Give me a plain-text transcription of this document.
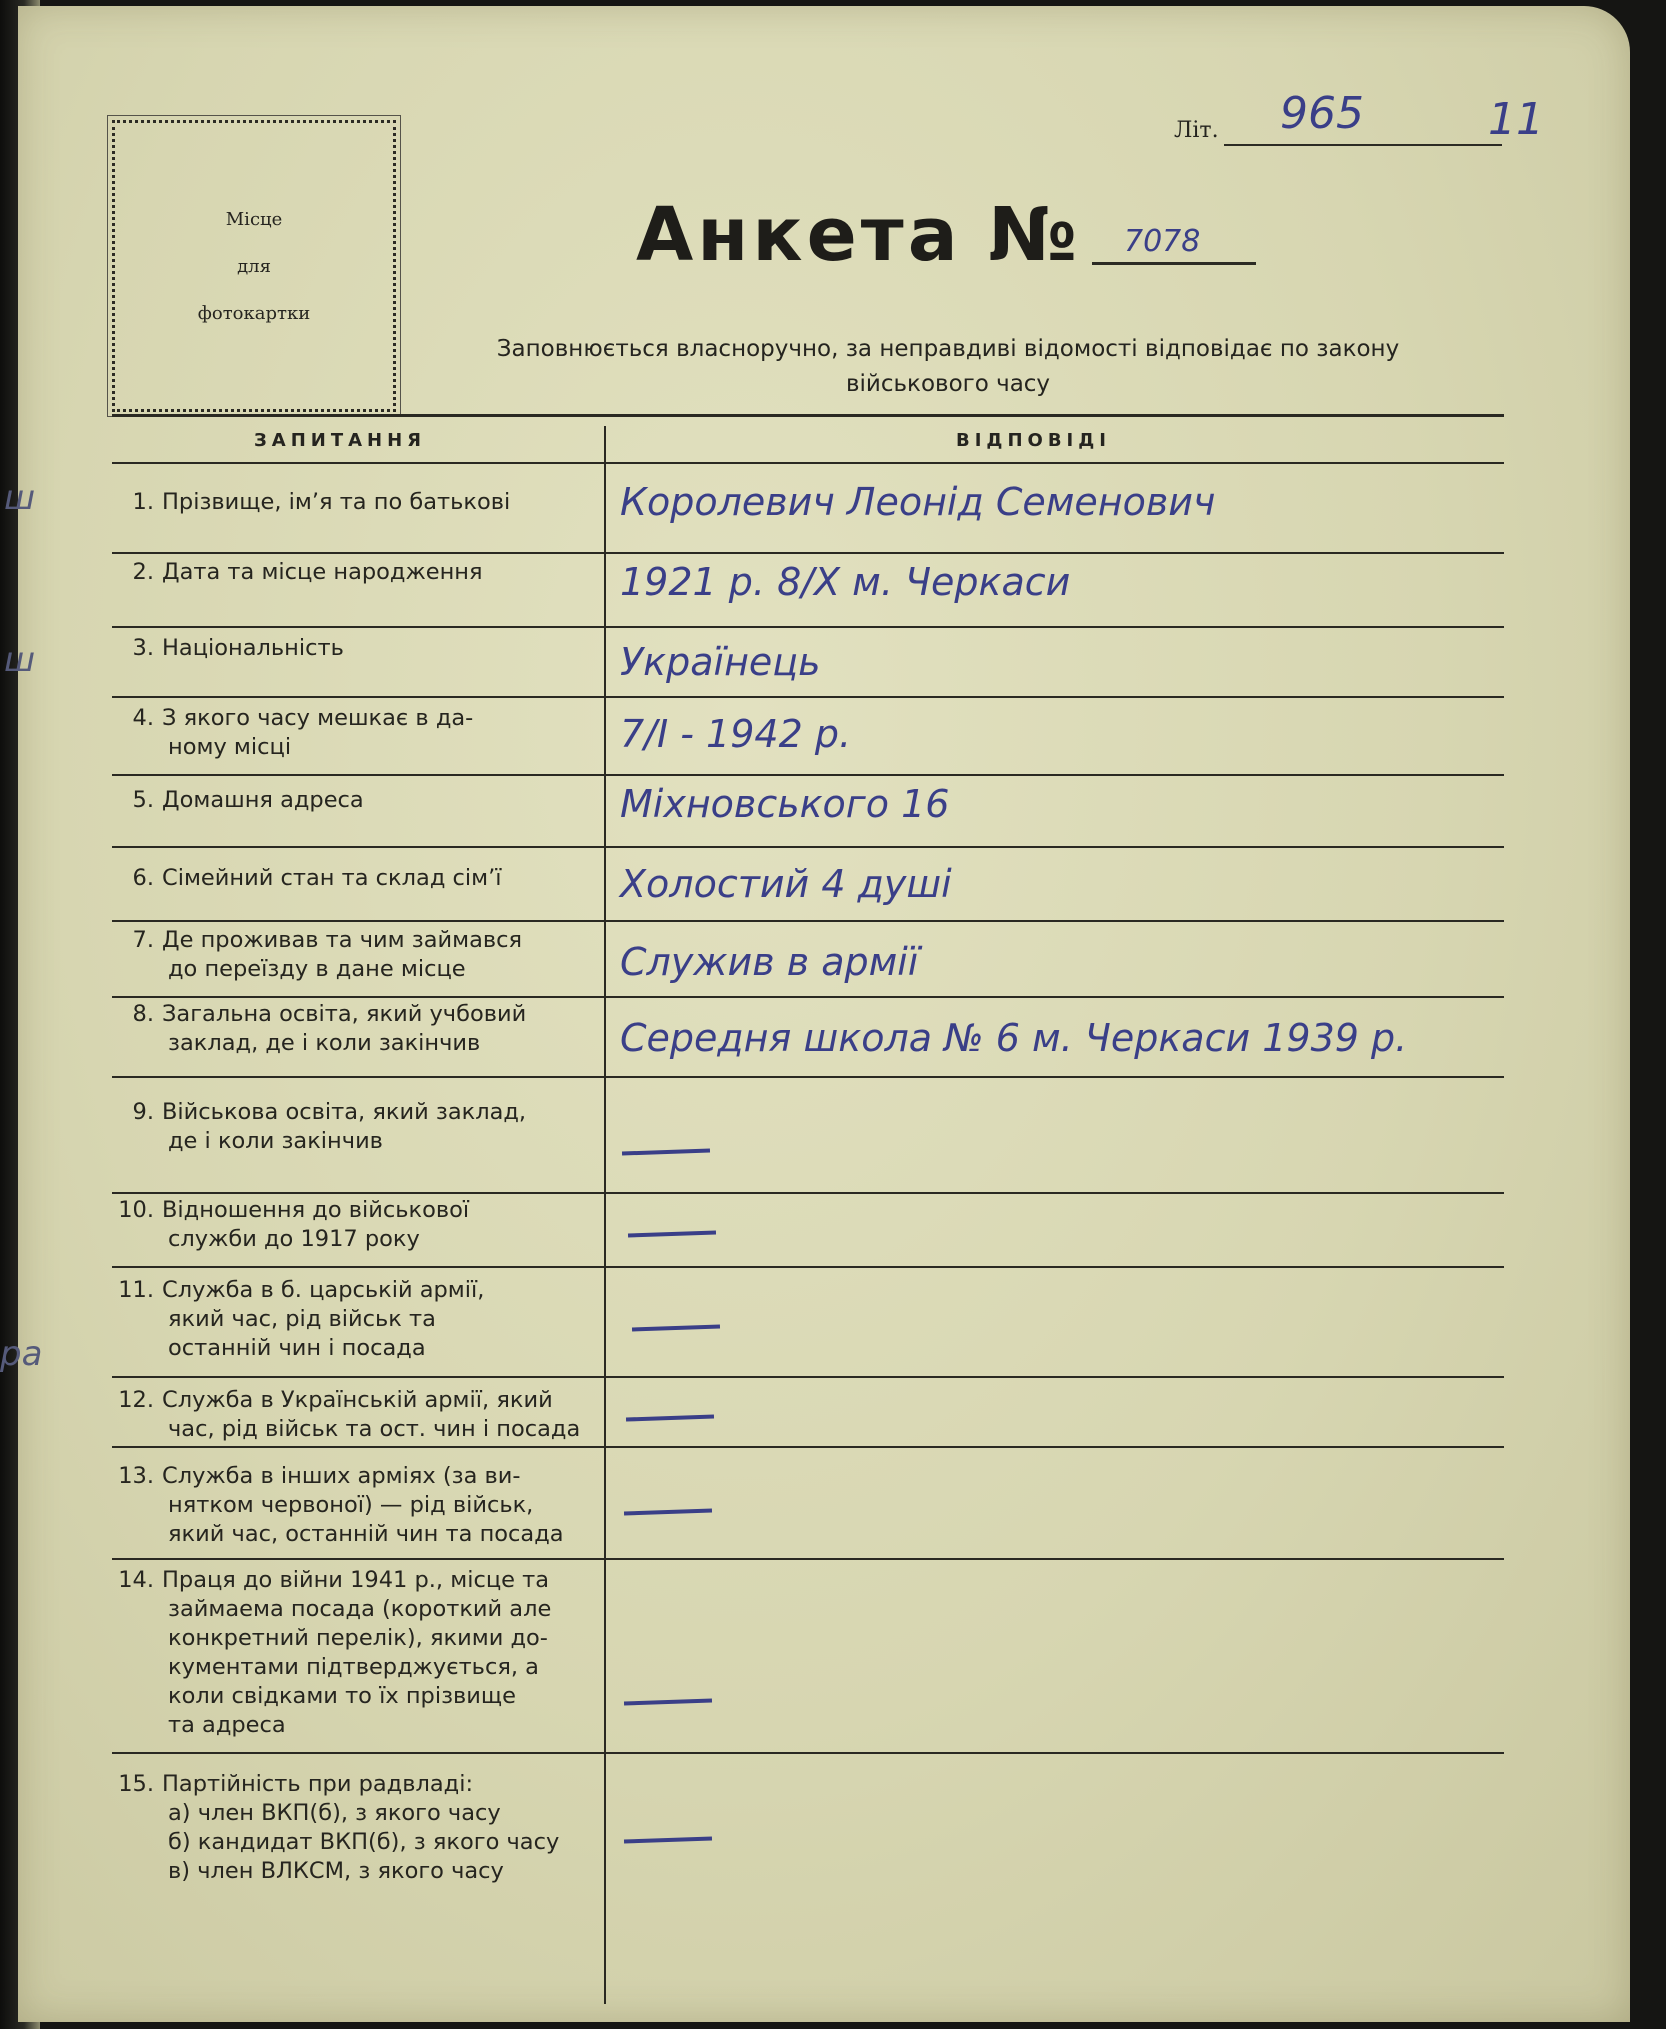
ш
ш
ра
Місце
для
фотокартки
Літ. 965	11
Анкета № 7078
Заповнюється власноручно, за неправдиві відомості відповідає по закону
військового часу
ЗАПИТАННЯ	ВІДПОВІДІ
1. Прізвище, ім’я та по батькові	Королевич Леонід Семенович
2. Дата та місце народження	1921 р. 8/X м. Черкаси
3. Національність	Українець
4. З якого часу мешкає в да-
ному місці	7/I - 1942 р.
5. Домашня адреса	Міхновського 16
6. Сімейний стан та склад сім’ї	Холостий 4 душі
7. Де проживав та чим займався
до переїзду в дане місце	Служив в армії
8. Загальна освіта, який учбовий
заклад, де і коли закінчив	Середня школа № 6 м. Черкаси 1939 р.
9. Військова освіта, який заклад,
де і коли закінчив
10. Відношення до військової
служби до 1917 року
11. Служба в б. царській армії,
який час, рід військ та
останній чин і посада
12. Служба в Українській армії, який
час, рід військ та ост. чин і посада
13. Служба в інших арміях (за ви-
нятком червоної) — рід військ,
який час, останній чин та посада
14. Праця до війни 1941 р., місце та
займаема посада (короткий але
конкретний перелік), якими до-
кументами підтверджується, а
коли свідками то їх прізвище
та адреса
15. Партійність при радвладі:
а) член ВКП(б), з якого часу
б) кандидат ВКП(б), з якого часу
в) член ВЛКСМ, з якого часу
